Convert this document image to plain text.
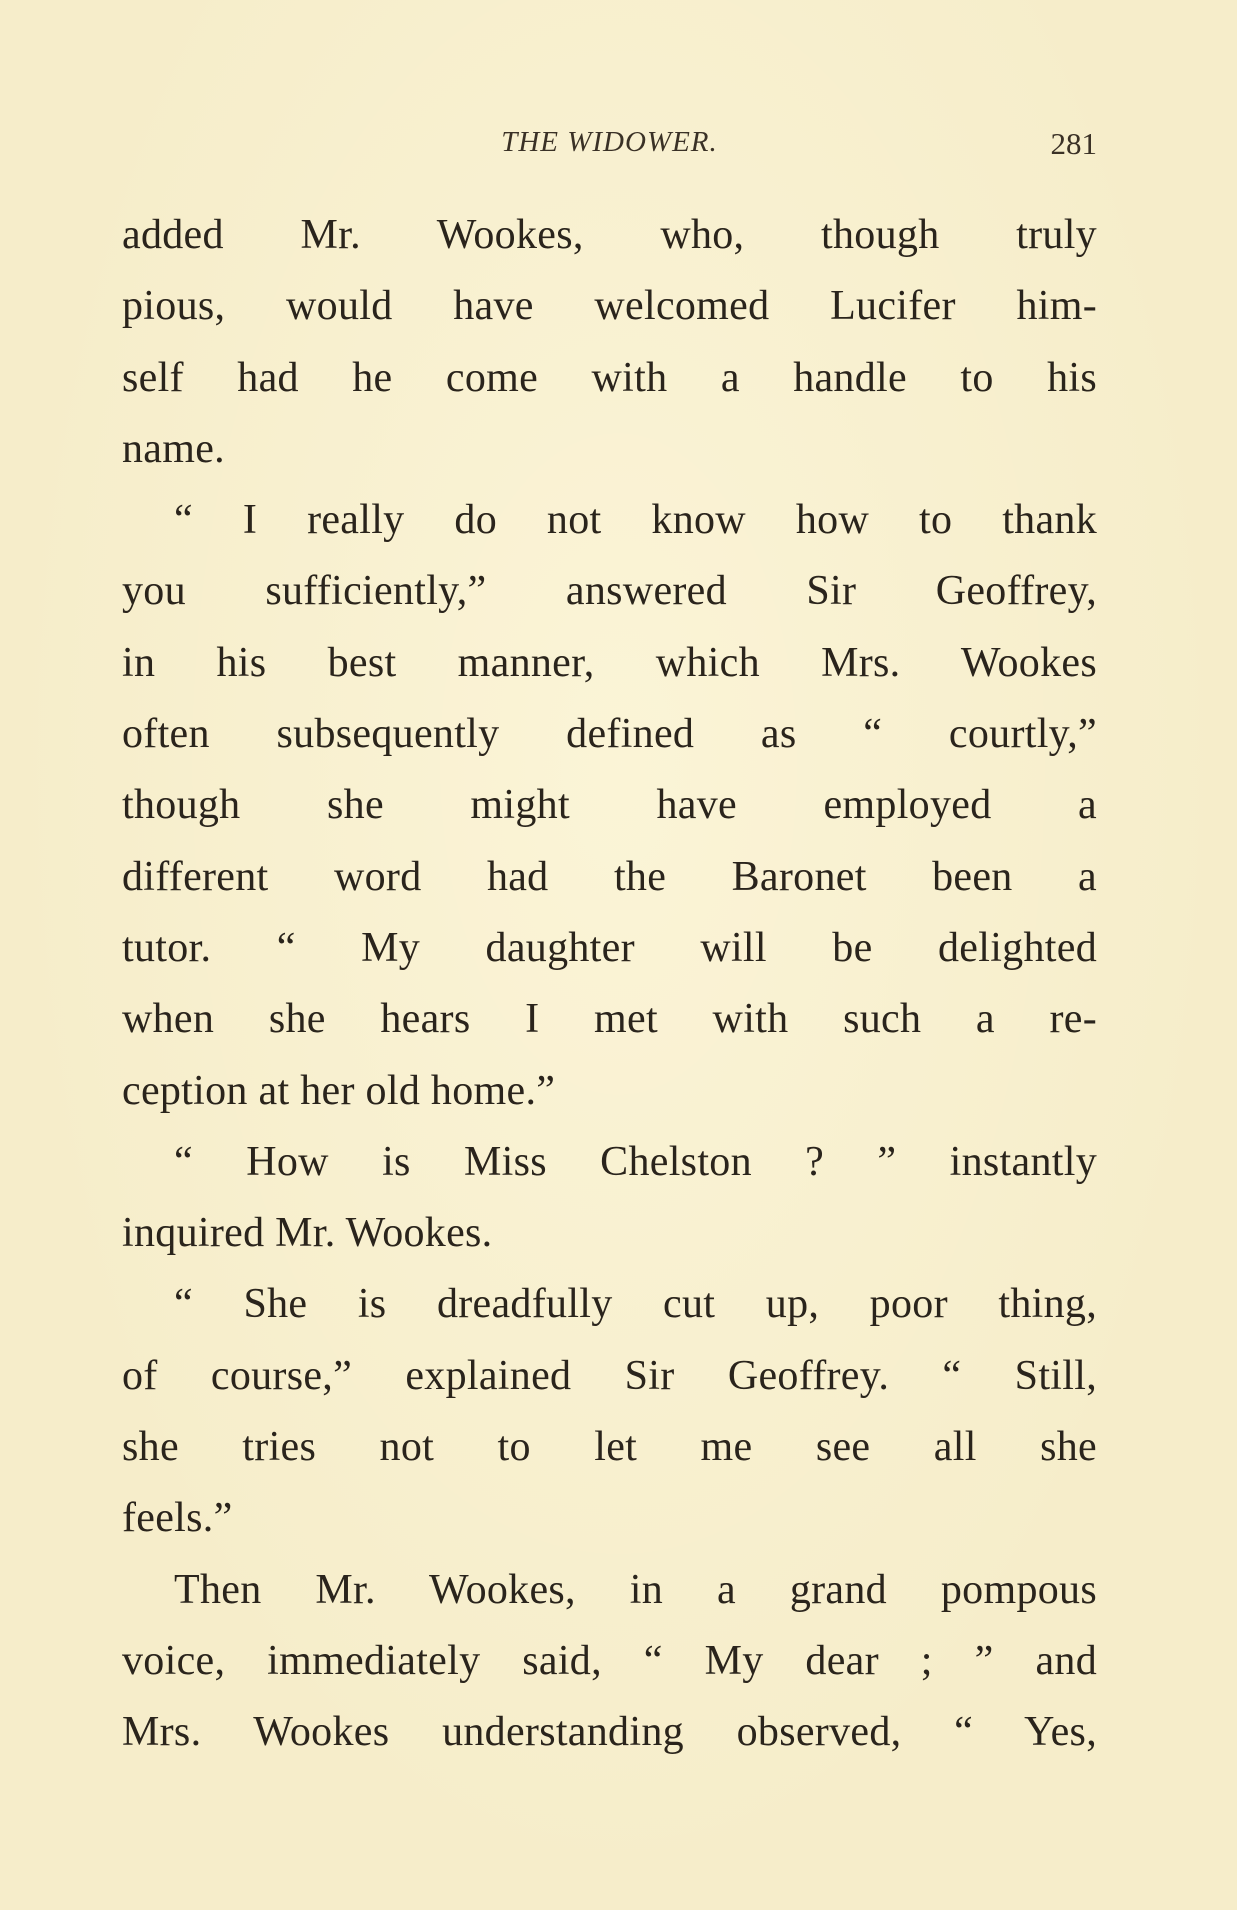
THE WIDOWER.	281
added Mr. Wookes, who, though truly
pious, would have welcomed Lucifer him-
self had he come with a handle to his
name.
“ I really do not know how to thank
you sufficiently,” answered Sir Geoffrey,
in his best manner, which Mrs. Wookes
often subsequently defined as “ courtly,”
though she might have employed a
different word had the Baronet been a
tutor. “ My daughter will be delighted
when she hears I met with such a re-
ception at her old home.”
“ How is Miss Chelston ? ” instantly
inquired Mr. Wookes.
“ She is dreadfully cut up, poor thing,
of course,” explained Sir Geoffrey. “ Still,
she tries not to let me see all she
feels.”
Then Mr. Wookes, in a grand pompous
voice, immediately said, “ My dear ; ” and
Mrs. Wookes understanding observed, “ Yes,
